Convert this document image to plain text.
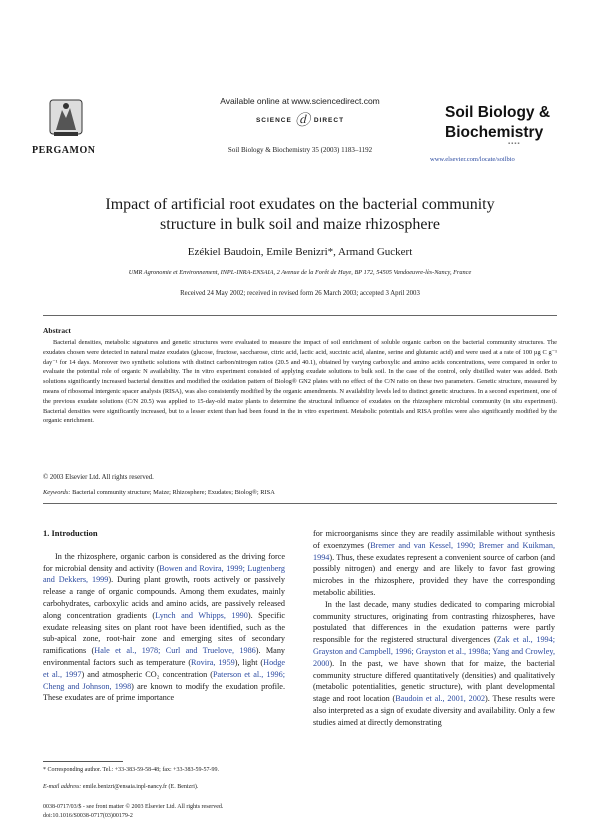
Available online at www.sciencedirect.com
SCIENCE ⓓ DIRECT
PERGAMON	Soil Biology & Biochemistry 35 (2003) 1183–1192
Soil Biology &
Biochemistry
▪▪▪▪
www.elsevier.com/locate/soilbio
Impact of artificial root exudates on the bacterial community
structure in bulk soil and maize rhizosphere
Ezékiel Baudoin, Emile Benizri*, Armand Guckert
UMR Agronomie et Environnement, INPL-INRA-ENSAIA, 2 Avenue de la Forêt de Haye, BP 172, 54505 Vandoeuvre-lès-Nancy, France
Received 24 May 2002; received in revised form 26 March 2003; accepted 3 April 2003
Abstract

Bacterial densities, metabolic signatures and genetic structures were evaluated to measure the impact of soil enrichment of soluble organic carbon on the bacterial community structures. The exudates chosen were detected in natural maize exudates (glucose, fructose, saccharose, citric acid, lactic acid, succinic acid, alanine, serine and glutamic acid) and were used at a rate of 100 µg C g⁻¹ day⁻¹ for 14 days. Moreover two synthetic solutions with distinct carbon/nitrogen ratios (20.5 and 40.1), obtained by varying carboxylic and amino acids concentrations, were compared in order to evaluate the potential role of organic N availability. The in vitro experiment consisted of applying exudate solutions to bulk soil. In the case of the control, only distilled water was added. Both solutions significantly increased bacterial densities and modified the oxidation pattern of Biolog® GN2 plates with no effect of the C/N ratio on these two parameters. Genetic structure, measured by means of ribosomal intergenic spacer analysis (RISA), was also consistently modified by the organic amendments. N availability levels led to distinct genetic structures. In a second experiment, one of the previous exudate solutions (C/N 20.5) was applied to 15-day-old maize plants to determine the structural influence of exudates on the rhizosphere microbial community (in situ experiment). Bacterial densities were significantly increased, but to a lesser extent than had been found in the in vitro experiment. Metabolic potentials and RISA profiles were also significantly modified by the organic enrichment.

© 2003 Elsevier Ltd. All rights reserved.
Keywords: Bacterial community structure; Maize; Rhizosphere; Exudates; Biolog®; RISA

1. Introduction

In the rhizosphere, organic carbon is considered as the driving force for microbial density and activity (Bowen and Rovira, 1999; Lugtenberg and Dekkers, 1999). During plant growth, roots actively or passively release a range of organic compounds. Among them exudates, mainly carbohydrates, carboxylic acids and amino acids, are passively released along concentration gradients (Lynch and Whipps, 1990). Specific exudate releasing sites on plant root have been identified, such as the sub-apical zone, root-hair zone and emerging sites of secondary ramifications (Hale et al., 1978; Curl and Truelove, 1986). Many environmental factors such as temperature (Rovira, 1959), light (Hodge et al., 1997) and atmospheric CO₂ concentration (Paterson et al., 1996; Cheng and Johnson, 1998) are known to modify the exudation profile. These exudates are of prime importance

for microorganisms since they are readily assimilable without synthesis of exoenzymes (Bremer and van Kessel, 1990; Bremer and Kuikman, 1994). Thus, these exudates represent a convenient source of carbon (and possibly nitrogen) and energy and are likely to favor fast growing microbes in the rhizosphere, provided they have the corresponding metabolic abilities.

In the last decade, many studies dedicated to comparing microbial community structures, originating from contrasting rhizospheres, have postulated that differences in the exudation patterns were partly responsible for the registered structural divergences (Zak et al., 1994; Grayston and Campbell, 1996; Grayston et al., 1998a; Yang and Crowley, 2000). In the past, we have shown that for maize, the bacterial community structure differed quantitatively (densities) and qualitatively (metabolic potentialities, genetic structure), with plant developmental stage and root location (Baudoin et al., 2001, 2002). These results were also interpreted as a sign of exudate diversity and availability. Only a few studies aimed at directly demonstrating

* Corresponding author. Tel.: +33-383-59-58-48; fax: +33-383-59-57-99.
E-mail address: emile.benizri@ensaia.inpl-nancy.fr (E. Benizri).
0038-0717/03/$ - see front matter © 2003 Elsevier Ltd. All rights reserved.
doi:10.1016/S0038-0717(03)00179-2
